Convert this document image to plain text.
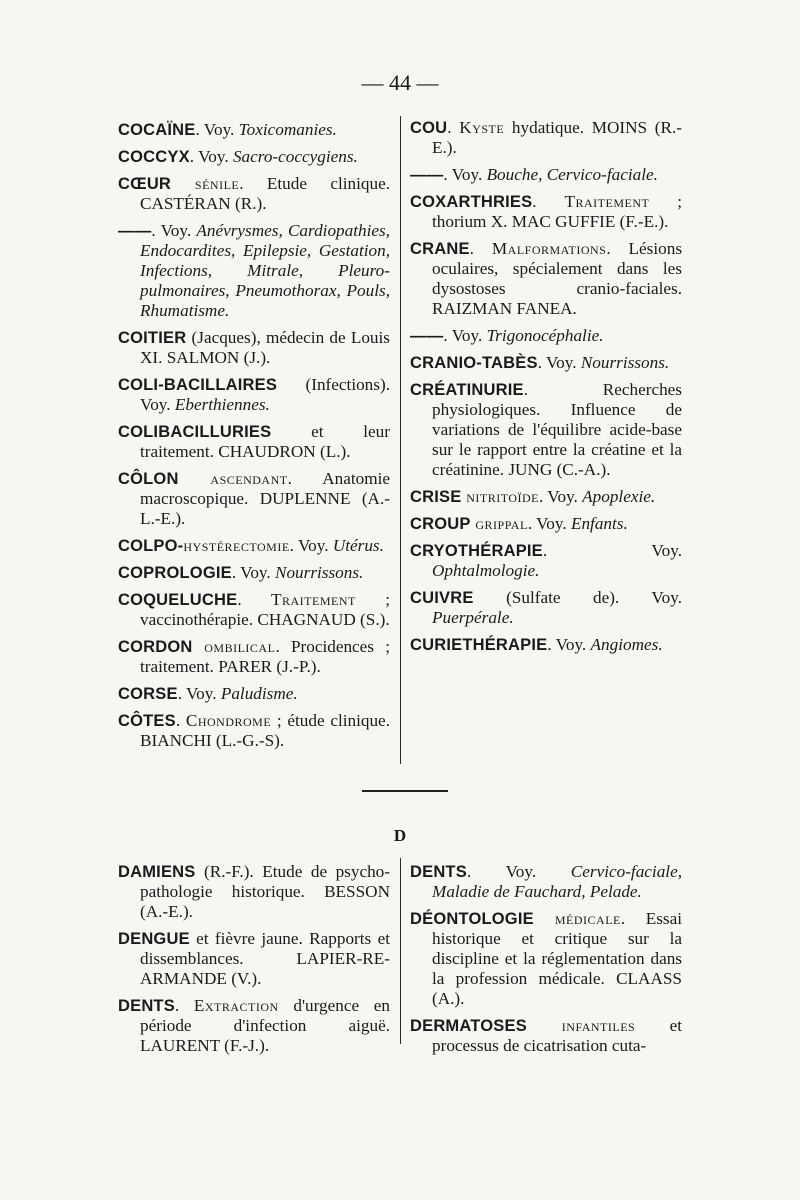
— 44 —
COCAÏNE. Voy. Toxicomanies.
COCCYX. Voy. Sacro-coccygiens.
CŒUR sénile. Etude clinique. CASTÉRAN (R.).
——. Voy. Anévrysmes, Cardiopathies, Endocardites, Epilepsie, Gestation, Infections, Mitrale, Pleuro-pulmonaires, Pneumothorax, Pouls, Rhumatisme.
COITIER (Jacques), médecin de Louis XI. SALMON (J.).
COLI-BACILLAIRES (Infections). Voy. Eberthiennes.
COLIBACILLURIES et leur traitement. CHAUDRON (L.).
CÔLON ascendant. Anatomie macroscopique. DUPLENNE (A.-L.-E.).
COLPO-hystérectomie. Voy. Utérus.
COPROLOGIE. Voy. Nourrissons.
COQUELUCHE. Traitement ; vaccinothérapie. CHAGNAUD (S.).
CORDON ombilical. Procidences ; traitement. PARER (J.-P.).
CORSE. Voy. Paludisme.
CÔTES. Chondrome ; étude clinique. BIANCHI (L.-G.-S).
COU. Kyste hydatique. MOINS (R.-E.).
——. Voy. Bouche, Cervico-faciale.
COXARTHRIES. Traitement ; thorium X. MAC GUFFIE (F.-E.).
CRANE. Malformations. Lésions oculaires, spécialement dans les dysostoses cranio-faciales. RAIZMAN FANEA.
——. Voy. Trigonocéphalie.
CRANIO-TABÈS. Voy. Nourrissons.
CRÉATINURIE. Recherches physiologiques. Influence de variations de l'équilibre acide-base sur le rapport entre la créatine et la créatinine. JUNG (C.-A.).
CRISE nitritoïde. Voy. Apoplexie.
CROUP grippal. Voy. Enfants.
CRYOTHÉRAPIE. Voy. Ophtalmologie.
CUIVRE (Sulfate de). Voy. Puerpérale.
CURIETHÉRAPIE. Voy. Angiomes.
D
DAMIENS (R.-F.). Etude de psycho-pathologie historique. BESSON (A.-E.).
DENGUE et fièvre jaune. Rapports et dissemblances. LAPIER-RE-ARMANDE (V.).
DENTS. Extraction d'urgence en période d'infection aiguë. LAURENT (F.-J.).
DENTS. Voy. Cervico-faciale, Maladie de Fauchard, Pelade.
DÉONTOLOGIE médicale. Essai historique et critique sur la discipline et la réglementation dans la profession médicale. CLAASS (A.).
DERMATOSES infantiles et processus de cicatrisation cuta-
